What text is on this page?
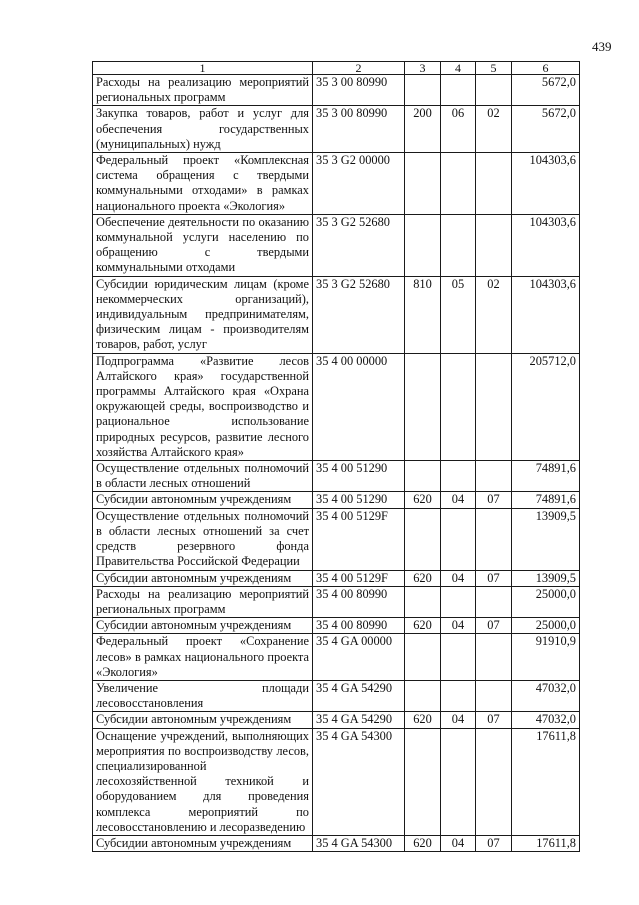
439
1	2	3	4	5	6
Расходы на реализацию мероприятий региональных программ	35 3 00 80990				5672,0
Закупка товаров, работ и услуг для обеспечения государственных (муниципальных) нужд	35 3 00 80990	200	06	02	5672,0
Федеральный проект «Комплексная система обращения с твердыми коммунальными отходами» в рамках национального проекта «Экология»	35 3 G2 00000				104303,6
Обеспечение деятельности по оказанию коммунальной услуги населению по обращению с твердыми коммунальными отходами	35 3 G2 52680				104303,6
Субсидии юридическим лицам (кроме некоммерческих организаций), индивидуальным предпринимателям, физическим лицам - производителям товаров, работ, услуг	35 3 G2 52680	810	05	02	104303,6
Подпрограмма «Развитие лесов Алтайского края» государственной программы Алтайского края «Охрана окружающей среды, воспроизводство и рациональное использование природных ресурсов, развитие лесного хозяйства Алтайского края»	35 4 00 00000				205712,0
Осуществление отдельных полномочий в области лесных отношений	35 4 00 51290				74891,6
Субсидии автономным учреждениям	35 4 00 51290	620	04	07	74891,6
Осуществление отдельных полномочий в области лесных отношений за счет средств резервного фонда Правительства Российской Федерации	35 4 00 5129F				13909,5
Субсидии автономным учреждениям	35 4 00 5129F	620	04	07	13909,5
Расходы на реализацию мероприятий региональных программ	35 4 00 80990				25000,0
Субсидии автономным учреждениям	35 4 00 80990	620	04	07	25000,0
Федеральный проект «Сохранение лесов» в рамках национального проекта «Экология»	35 4 GA 00000				91910,9
Увеличение площади лесовосстановления	35 4 GA 54290				47032,0
Субсидии автономным учреждениям	35 4 GA 54290	620	04	07	47032,0
Оснащение учреждений, выполняющих мероприятия по воспроизводству лесов, специализированной лесохозяйственной техникой и оборудованием для проведения комплекса мероприятий по лесовосстановлению и лесоразведению	35 4 GA 54300				17611,8
Субсидии автономным учреждениям	35 4 GA 54300	620	04	07	17611,8
